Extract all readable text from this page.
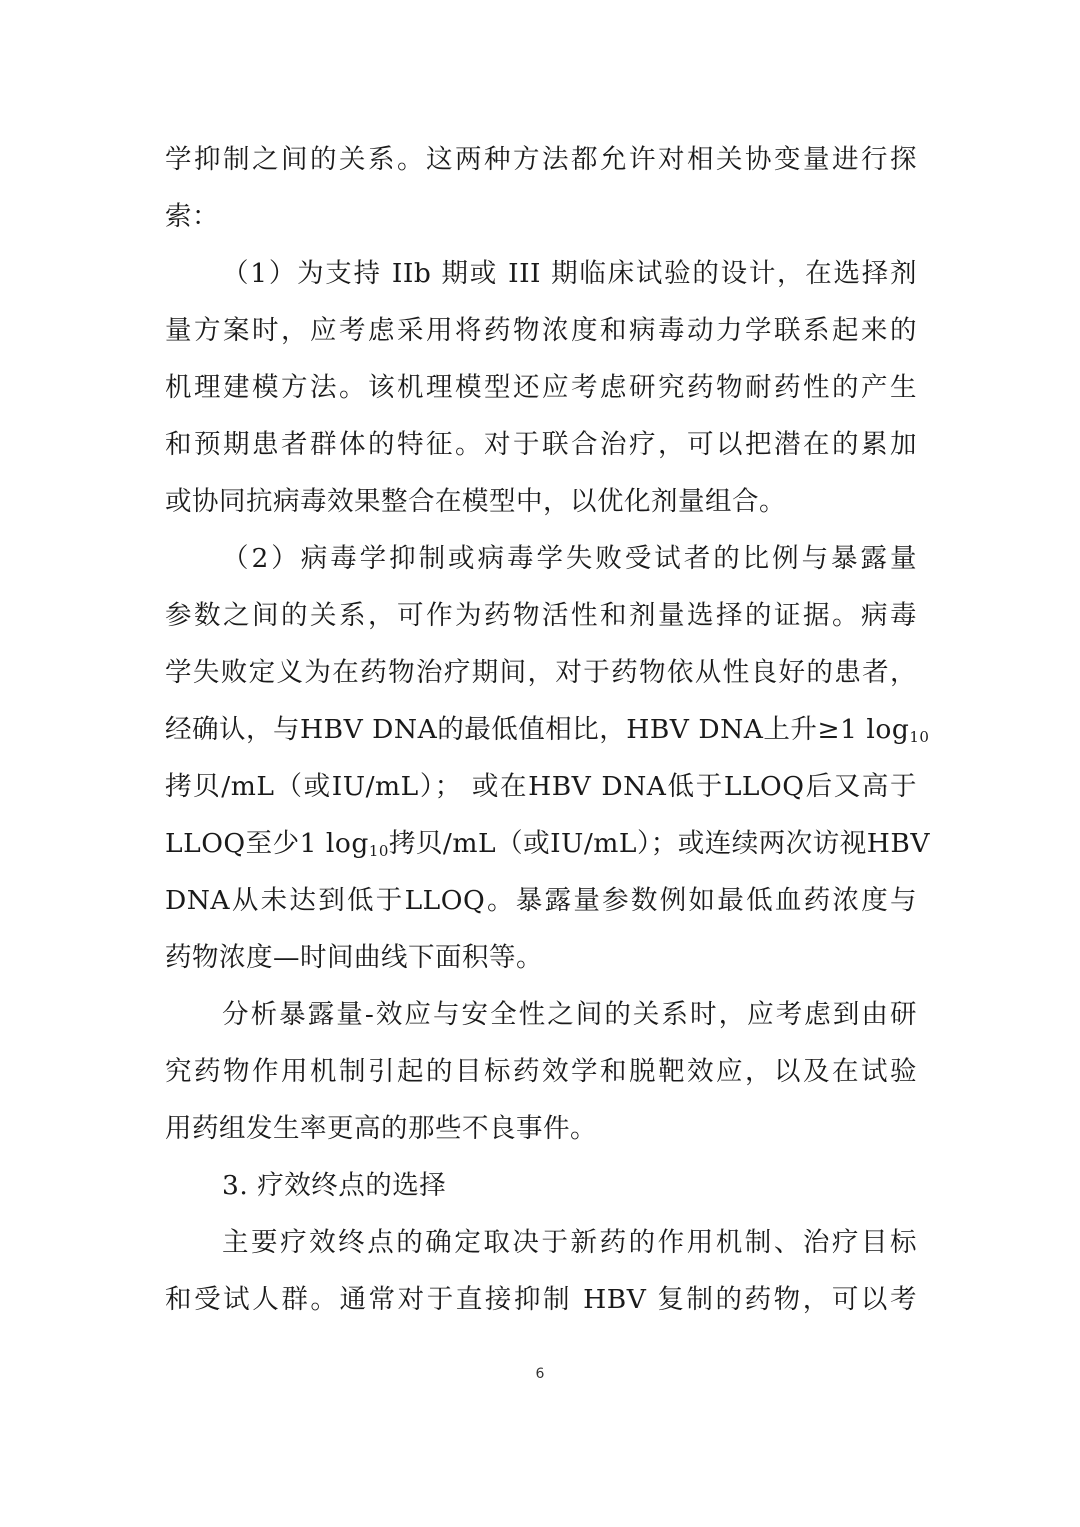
学抑制之间的关系。这两种方法都允许对相关协变量进行探
索：
（1）为支持 IIb 期或 III 期临床试验的设计，在选择剂
量方案时，应考虑采用将药物浓度和病毒动力学联系起来的
机理建模方法。该机理模型还应考虑研究药物耐药性的产生
和预期患者群体的特征。对于联合治疗，可以把潜在的累加
或协同抗病毒效果整合在模型中，以优化剂量组合。
（2）病毒学抑制或病毒学失败受试者的比例与暴露量
参数之间的关系，可作为药物活性和剂量选择的证据。病毒
学失败定义为在药物治疗期间，对于药物依从性良好的患者，
经确认，与HBV DNA的最低值相比，HBV DNA上升≥1 $\log_{10}$
拷贝/mL（或IU/mL）； 或在HBV DNA低于LLOQ后又高于
LLOQ至少1 $\log_{10}$拷贝/mL（或IU/mL）；或连续两次访视HBV
DNA从未达到低于LLOQ。暴露量参数例如最低血药浓度与
药物浓度—时间曲线下面积等。
分析暴露量-效应与安全性之间的关系时，应考虑到由研
究药物作用机制引起的目标药效学和脱靶效应，以及在试验
用药组发生率更高的那些不良事件。
3. 疗效终点的选择
主要疗效终点的确定取决于新药的作用机制、治疗目标
和受试人群。通常对于直接抑制 HBV 复制的药物，可以考
6
